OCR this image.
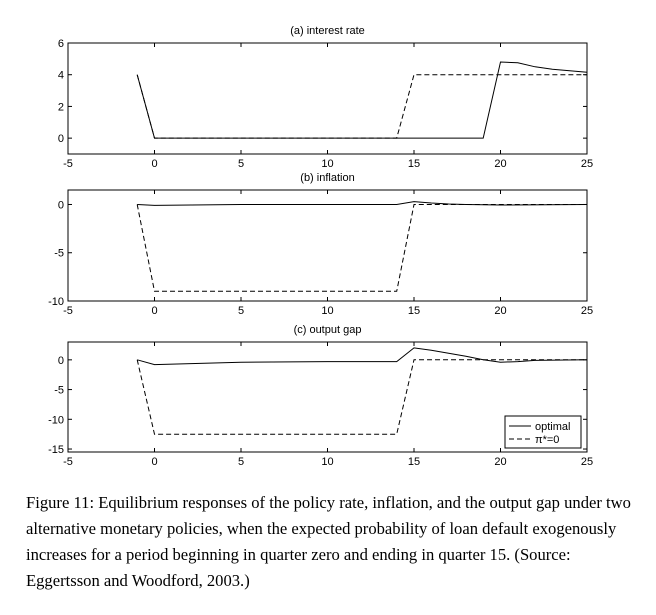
(a) interest rate
-5	0	5	10	15	20	25
0
2
4
6
(b) inflation
-5	0	5	10	15	20	25
-10
-5
0
(c) output gap
-5	0	5	10	15	20	25
-15
-10
-5
0
optimal
π*=0

Figure 11: Equilibrium responses of the policy rate, inflation, and the output gap under two alternative monetary policies, when the expected probability of loan default exogenously increases for a period beginning in quarter zero and ending in quarter 15. (Source: Eggertsson and Woodford, 2003.)
